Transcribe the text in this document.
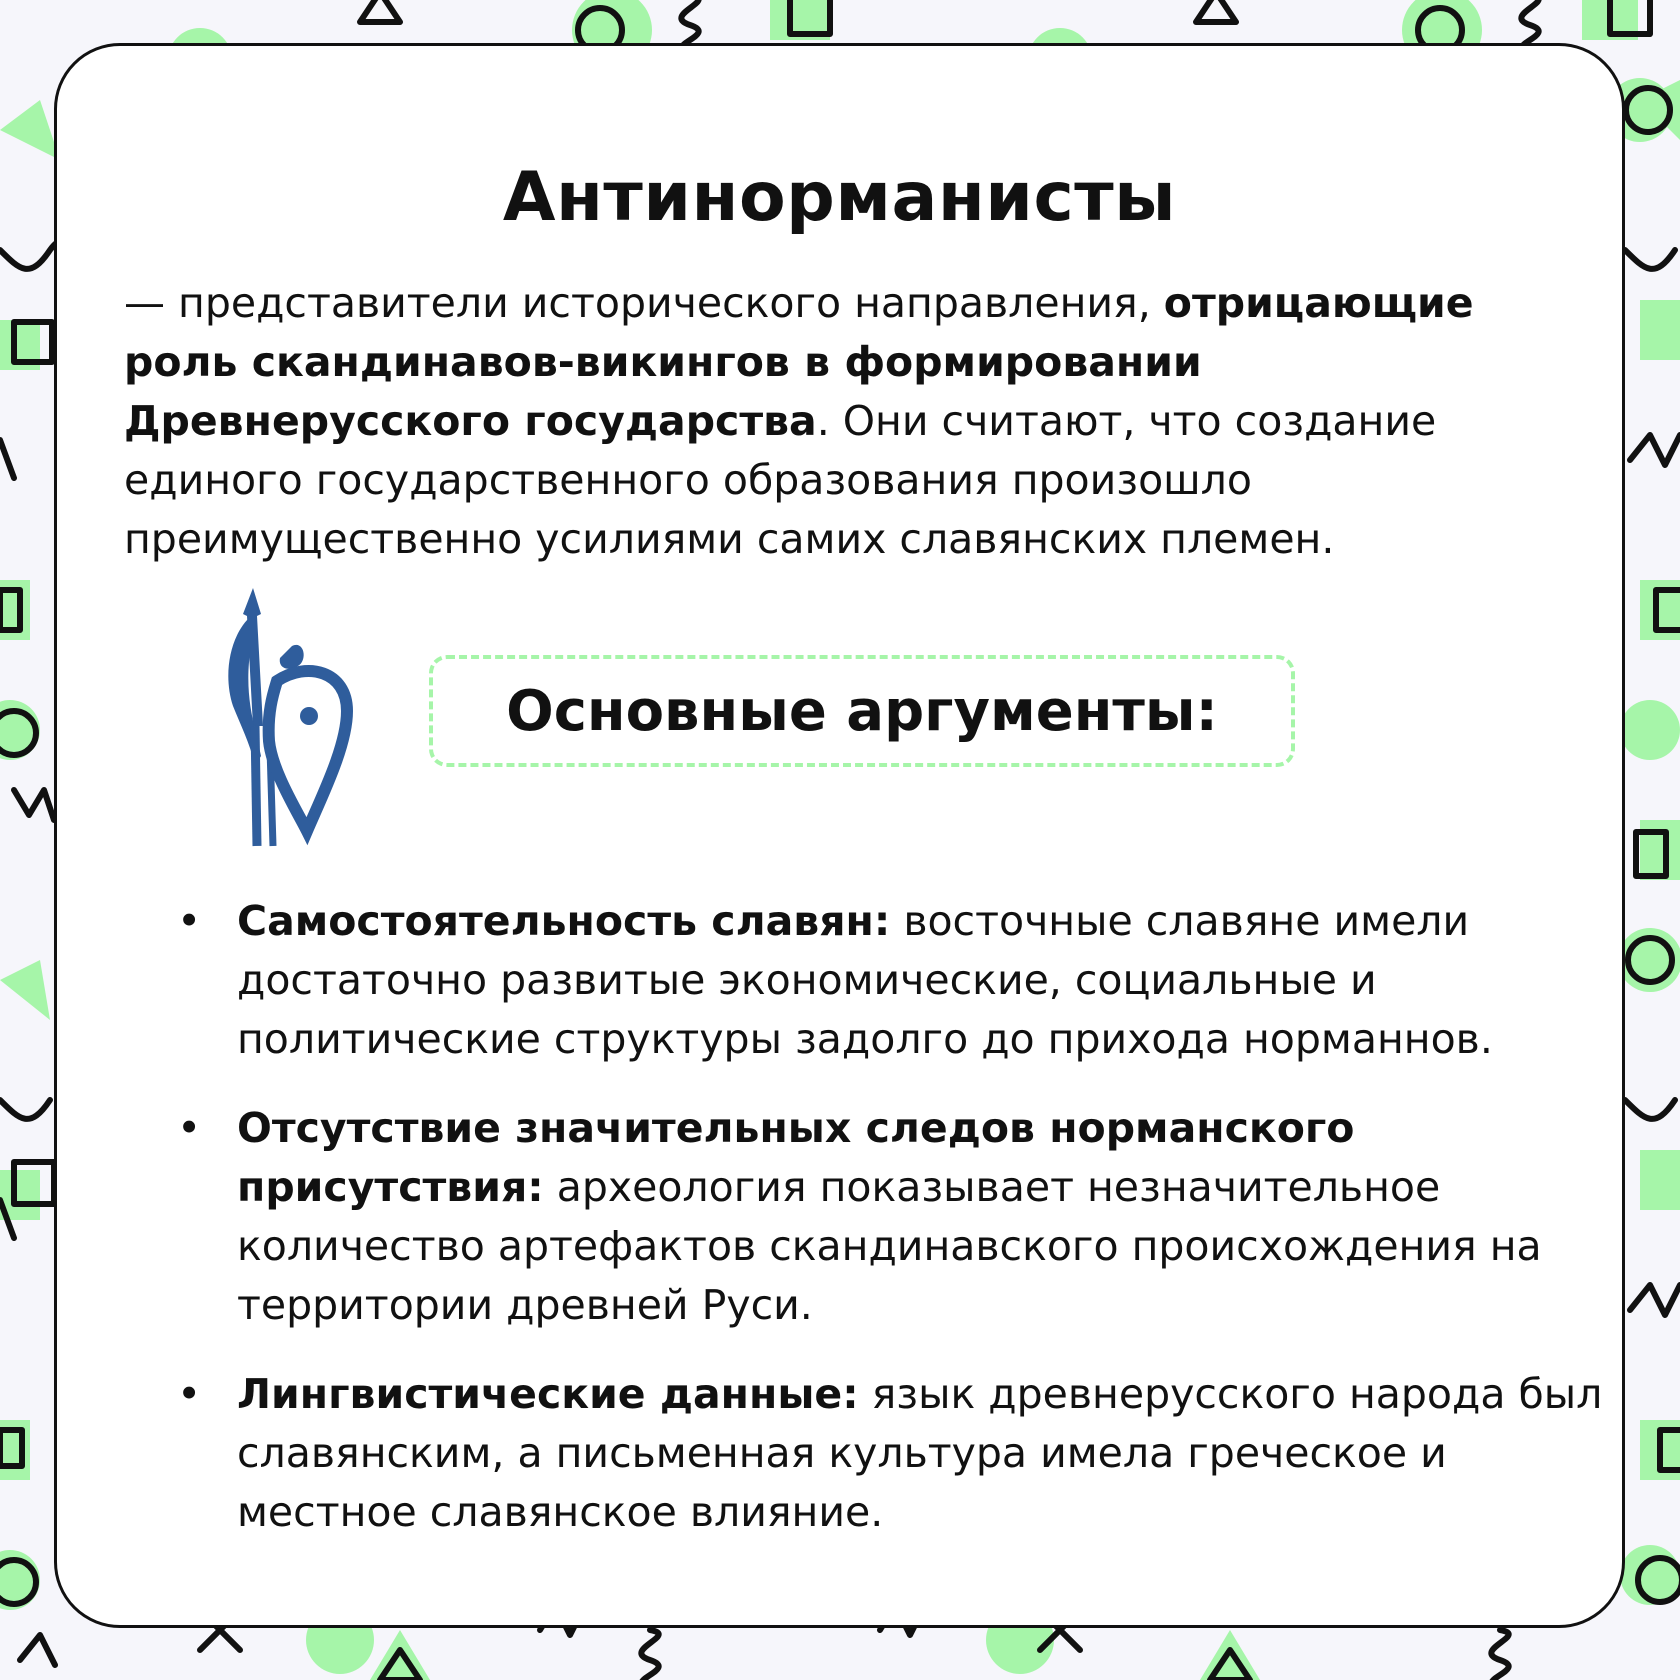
Антинорманисты

— представители исторического направления, отрицающие роль скандинавов-викингов в формировании Древнерусского государства. Они считают, что создание единого государственного образования произошло преимущественно усилиями самих славянских племен.

Основные аргументы:
• Самостоятельность славян: восточные славяне имели достаточно развитые экономические, социальные и политические структуры задолго до прихода норманнов.
• Отсутствие значительных следов норманского присутствия: археология показывает незначительное количество артефактов скандинавского происхождения на территории древней Руси.
• Лингвистические данные: язык древнерусского народа был славянским, а письменная культура имела греческое и местное славянское влияние.
